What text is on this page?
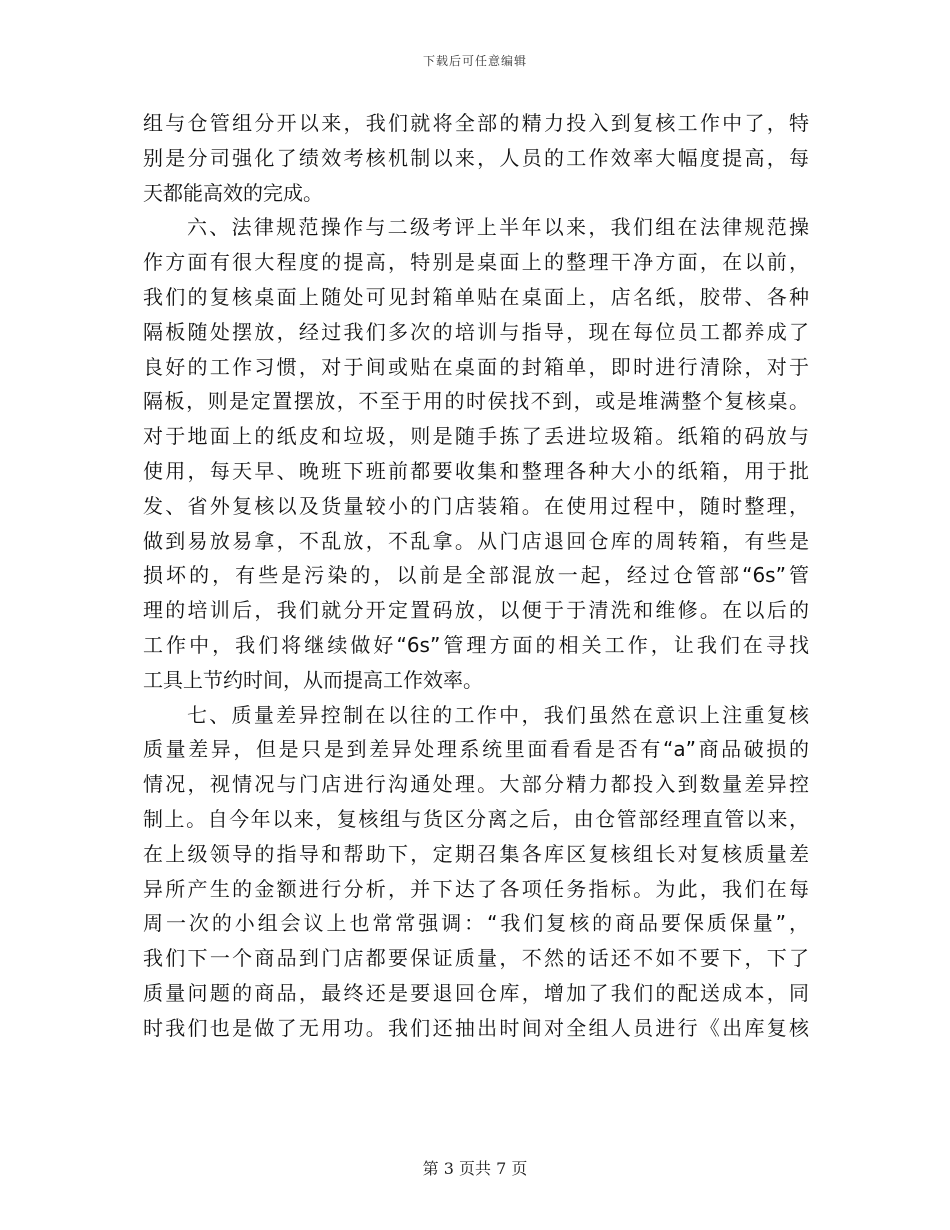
下载后可任意编辑
组与仓管组分开以来，我们就将全部的精力投入到复核工作中了，特
别是分司强化了绩效考核机制以来，人员的工作效率大幅度提高，每
天都能高效的完成。
六、法律规范操作与二级考评上半年以来，我们组在法律规范操
作方面有很大程度的提高，特别是桌面上的整理干净方面，在以前，
我们的复核桌面上随处可见封箱单贴在桌面上，店名纸，胶带、各种
隔板随处摆放，经过我们多次的培训与指导，现在每位员工都养成了
良好的工作习惯，对于间或贴在桌面的封箱单，即时进行清除，对于
隔板，则是定置摆放，不至于用的时侯找不到，或是堆满整个复核桌。
对于地面上的纸皮和垃圾，则是随手拣了丢进垃圾箱。纸箱的码放与
使用，每天早、晚班下班前都要收集和整理各种大小的纸箱，用于批
发、省外复核以及货量较小的门店装箱。在使用过程中，随时整理，
做到易放易拿，不乱放，不乱拿。从门店退回仓库的周转箱，有些是
损坏的，有些是污染的，以前是全部混放一起，经过仓管部“6s”管
理的培训后，我们就分开定置码放，以便于于清洗和维修。在以后的
工作中，我们将继续做好“6s”管理方面的相关工作，让我们在寻找
工具上节约时间，从而提高工作效率。
七、质量差异控制在以往的工作中，我们虽然在意识上注重复核
质量差异，但是只是到差异处理系统里面看看是否有“a”商品破损的
情况，视情况与门店进行沟通处理。大部分精力都投入到数量差异控
制上。自今年以来，复核组与货区分离之后，由仓管部经理直管以来，
在上级领导的指导和帮助下，定期召集各库区复核组长对复核质量差
异所产生的金额进行分析，并下达了各项任务指标。为此，我们在每
周一次的小组会议上也常常强调：“我们复核的商品要保质保量”，
我们下一个商品到门店都要保证质量，不然的话还不如不要下，下了
质量问题的商品，最终还是要退回仓库，增加了我们的配送成本，同
时我们也是做了无用功。我们还抽出时间对全组人员进行《出库复核
第 3 页共 7 页
